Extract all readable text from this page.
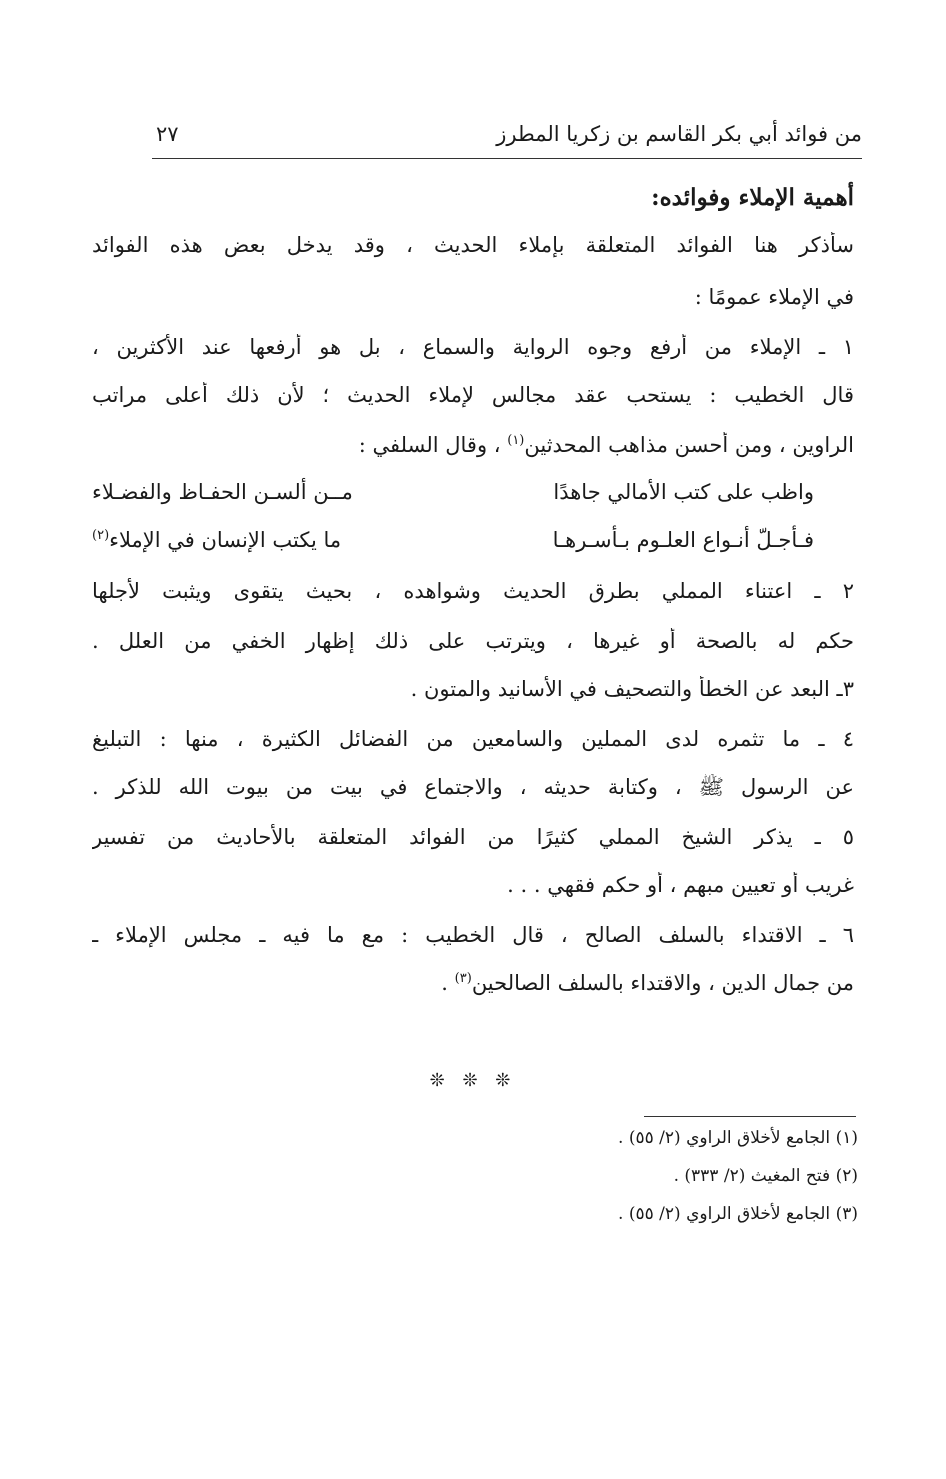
من فوائد أبي بكر القاسم بن زكريا المطرز
٢٧
أهمية الإملاء وفوائده:
سأذكر هنا الفوائد المتعلقة بإملاء الحديث ، وقد يدخل بعض هذه الفوائد
في الإملاء عمومًا :
١ ـ الإملاء من أرفع وجوه الرواية والسماع ، بل هو أرفعها عند الأكثرين ،
قال الخطيب : يستحب عقد مجالس لإملاء الحديث ؛ لأن ذلك أعلى مراتب
الراوين ، ومن أحسن مذاهب المحدثين$^{(١)}$ ، وقال السلفي :
واظب على كتب الأمالي جاهدًا
مــن ألسـن الحفـاظ والفضـلاء
فـأجـلّ أنـواع العلـوم بـأسـرهـا
ما يكتب الإنسان في الإملاء$^{(٢)}$
٢ ـ اعتناء المملي بطرق الحديث وشواهده ، بحيث يتقوى ويثبت لأجلها
حكم له بالصحة أو غيرها ، ويترتب على ذلك إظهار الخفي من العلل .
٣ـ البعد عن الخطأ والتصحيف في الأسانيد والمتون .
٤ ـ ما تثمره لدى المملين والسامعين من الفضائل الكثيرة ، منها : التبليغ
عن الرسول ﷺ ، وكتابة حديثه ، والاجتماع في بيت من بيوت الله للذكر .
٥ ـ يذكر الشيخ المملي كثيرًا من الفوائد المتعلقة بالأحاديث من تفسير
غريب أو تعيين مبهم ، أو حكم فقهي . . .
٦ ـ الاقتداء بالسلف الصالح ، قال الخطيب : مع ما فيه ـ مجلس الإملاء ـ
من جمال الدين ، والاقتداء بالسلف الصالحين$^{(٣)}$ .
❊ ❊ ❊
(١) الجامع لأخلاق الراوي (٢/ ٥٥) .
(٢) فتح المغيث (٢/ ٣٣٣) .
(٣) الجامع لأخلاق الراوي (٢/ ٥٥) .
